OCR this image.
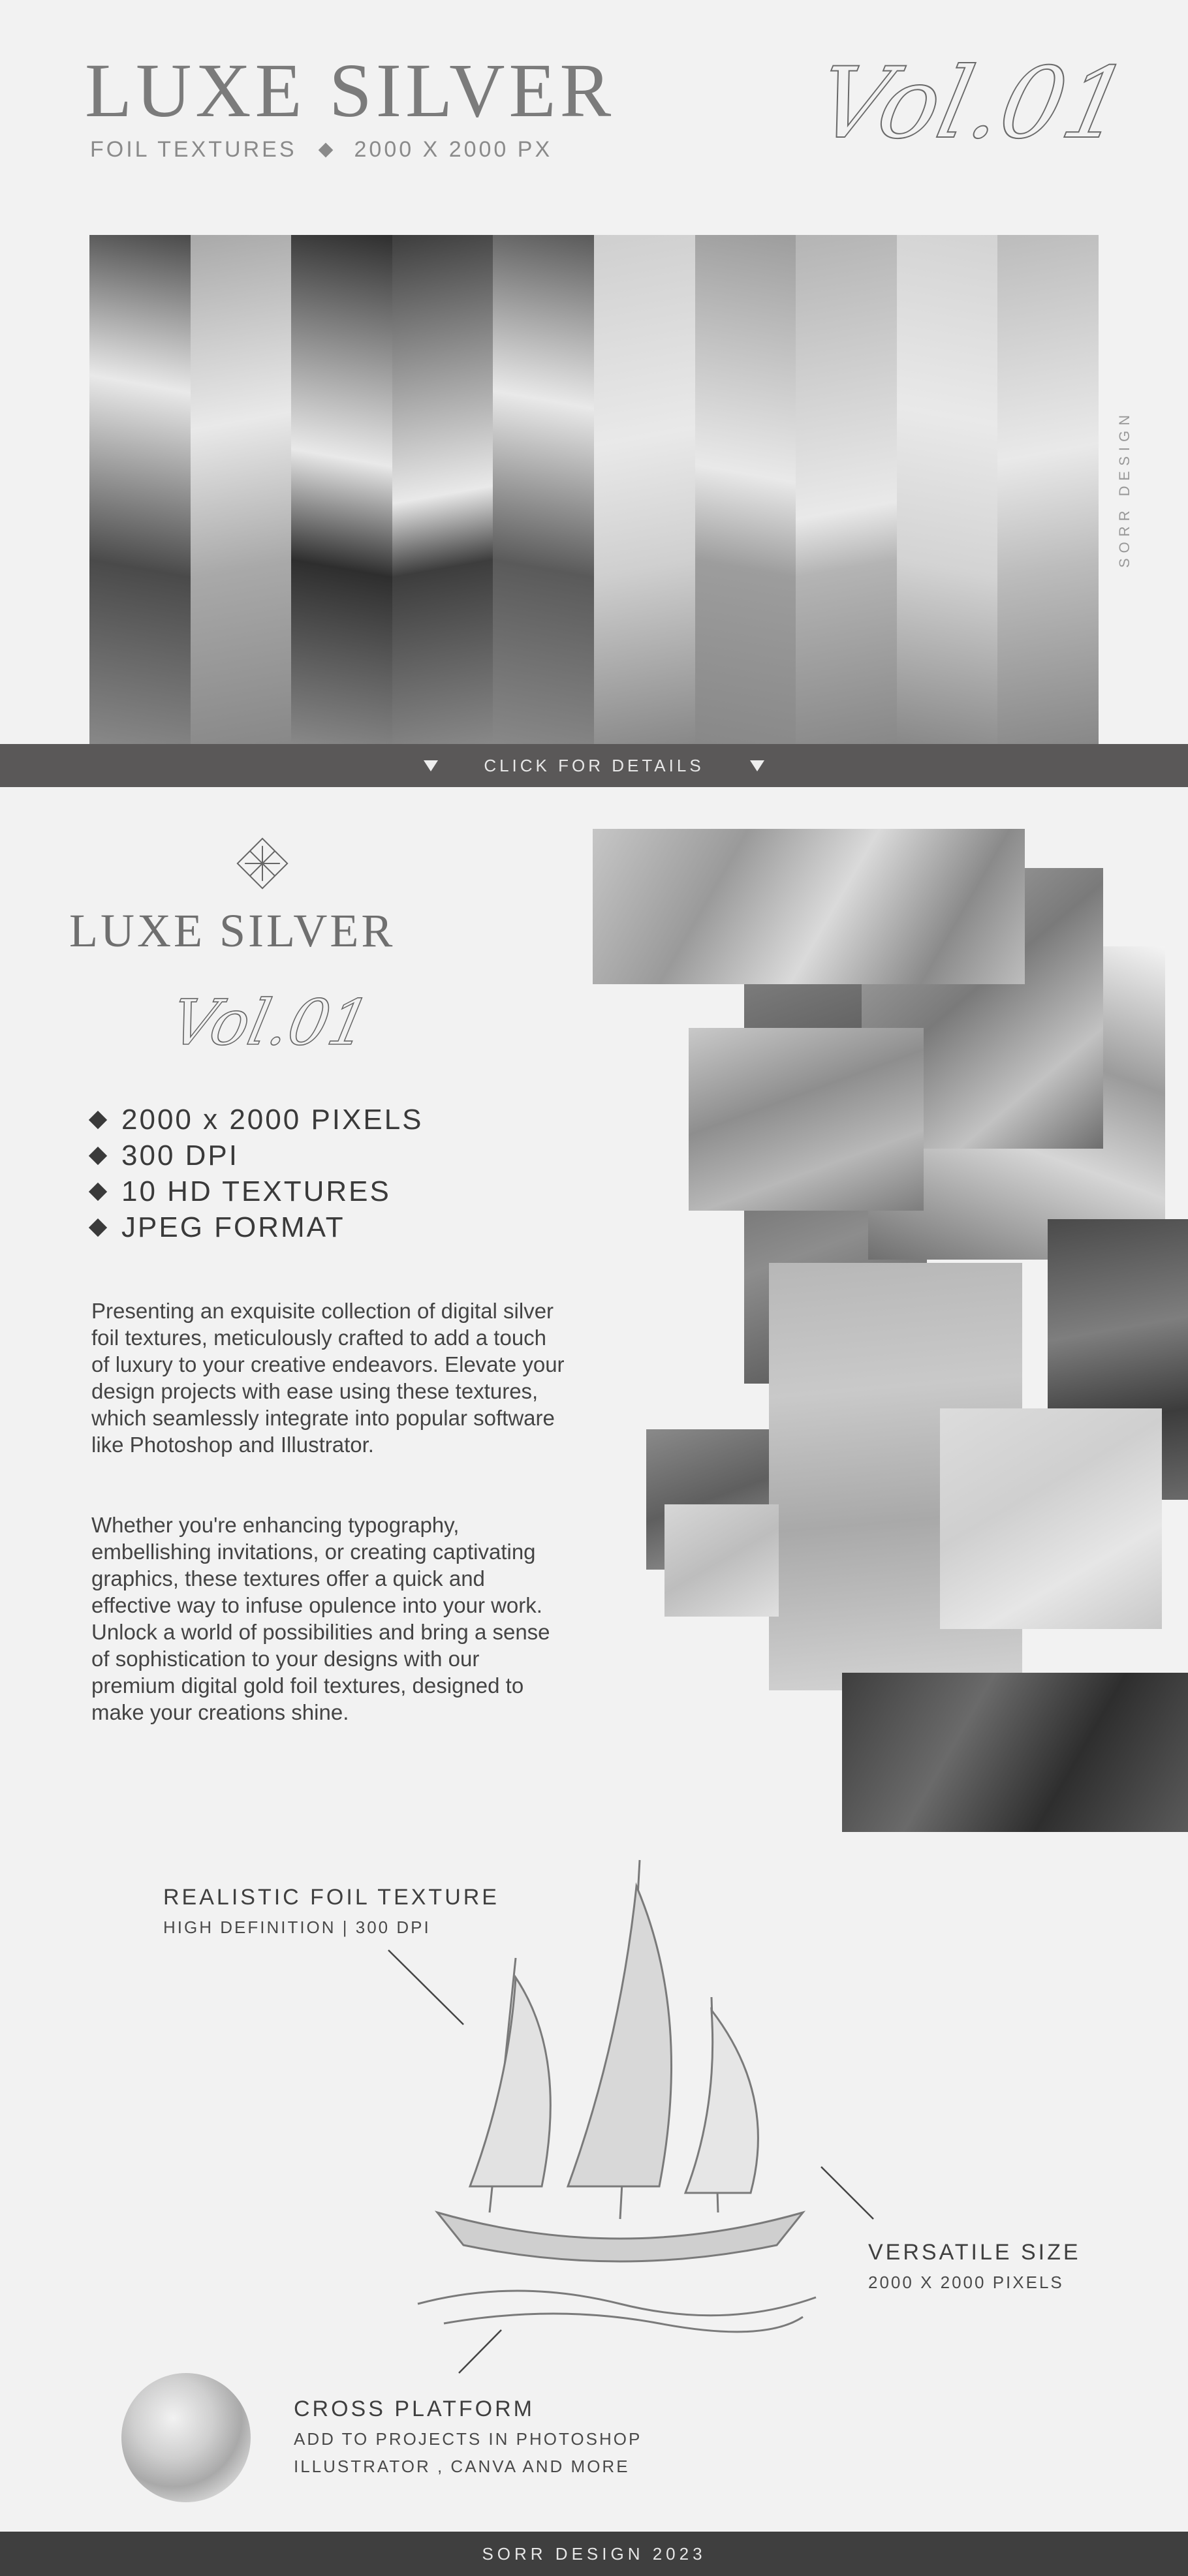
LUXE SILVER
FOIL TEXTURES	2000 X 2000 PX	Vol.01
SORR DESIGN
CLICK FOR DETAILS
LUXE SILVER
Vol.01
2000 x 2000 PIXELS
300 DPI
10 HD TEXTURES
JPEG FORMAT

Presenting an exquisite collection of digital silver foil textures, meticulously crafted to add a touch of luxury to your creative endeavors. Elevate your design projects with ease using these textures, which seamlessly integrate into popular software like Photoshop and Illustrator.

Whether you're enhancing typography, embellishing invitations, or creating captivating graphics, these textures offer a quick and effective way to infuse opulence into your work. Unlock a world of possibilities and bring a sense of sophistication to your designs with our premium digital gold foil textures, designed to make your creations shine.

REALISTIC FOIL TEXTURE
HIGH DEFINITION | 300 DPI
VERSATILE SIZE
2000 X 2000 PIXELS
CROSS PLATFORM
ADD TO PROJECTS IN PHOTOSHOP
ILLUSTRATOR , CANVA AND MORE
SORR DESIGN 2023
